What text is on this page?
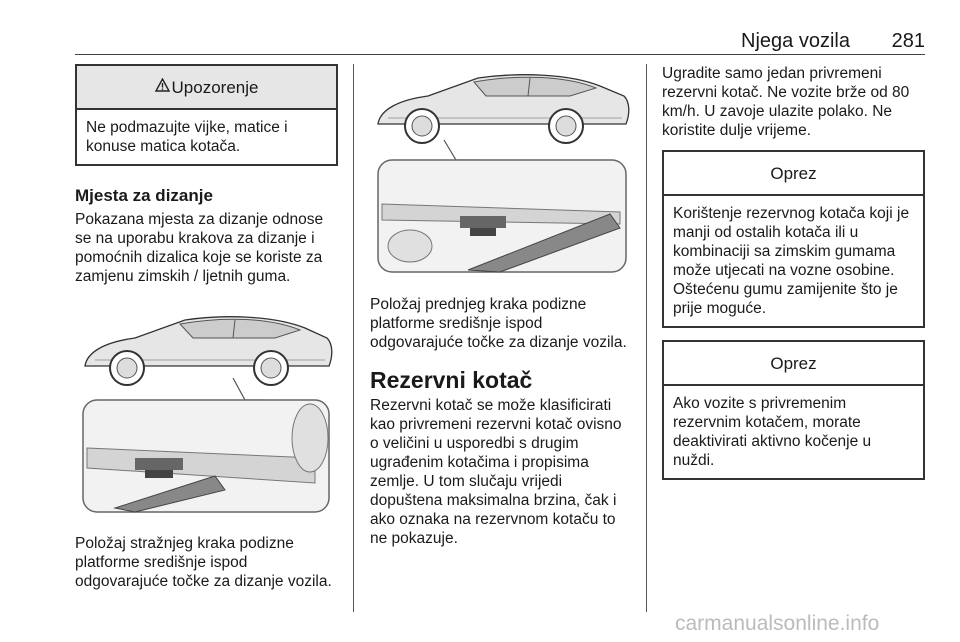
Njega vozila 281
Upozorenje
Ne podmazujte vijke, matice i konuse matica kotača.
Mjesta za dizanje

Pokazana mjesta za dizanje odnose se na uporabu krakova za dizanje i pomoćnih dizalica koje se koriste za zamjenu zimskih / ljetnih guma.

Položaj stražnjeg kraka podizne platforme središnje ispod odgovarajuće točke za dizanje vozila.

Položaj prednjeg kraka podizne platforme središnje ispod odgovarajuće točke za dizanje vozila.

Rezervni kotač

Rezervni kotač se može klasificirati kao privremeni rezervni kotač ovisno o veličini u usporedbi s drugim ugrađenim kotačima i propisima zemlje. U tom slučaju vrijedi dopuštena maksimalna brzina, čak i ako oznaka na rezervnom kotaču to ne pokazuje.

Ugradite samo jedan privremeni rezervni kotač. Ne vozite brže od 80 km/h. U zavoje ulazite polako. Ne koristite dulje vrijeme.

Oprez
Korištenje rezervnog kotača koji je manji od ostalih kotača ili u kombinaciji sa zimskim gumama može utjecati na vozne osobine. Oštećenu gumu zamijenite što je prije moguće.
Oprez
Ako vozite s privremenim rezervnim kotačem, morate deaktivirati aktivno kočenje u nuždi.
carmanualsonline.info
